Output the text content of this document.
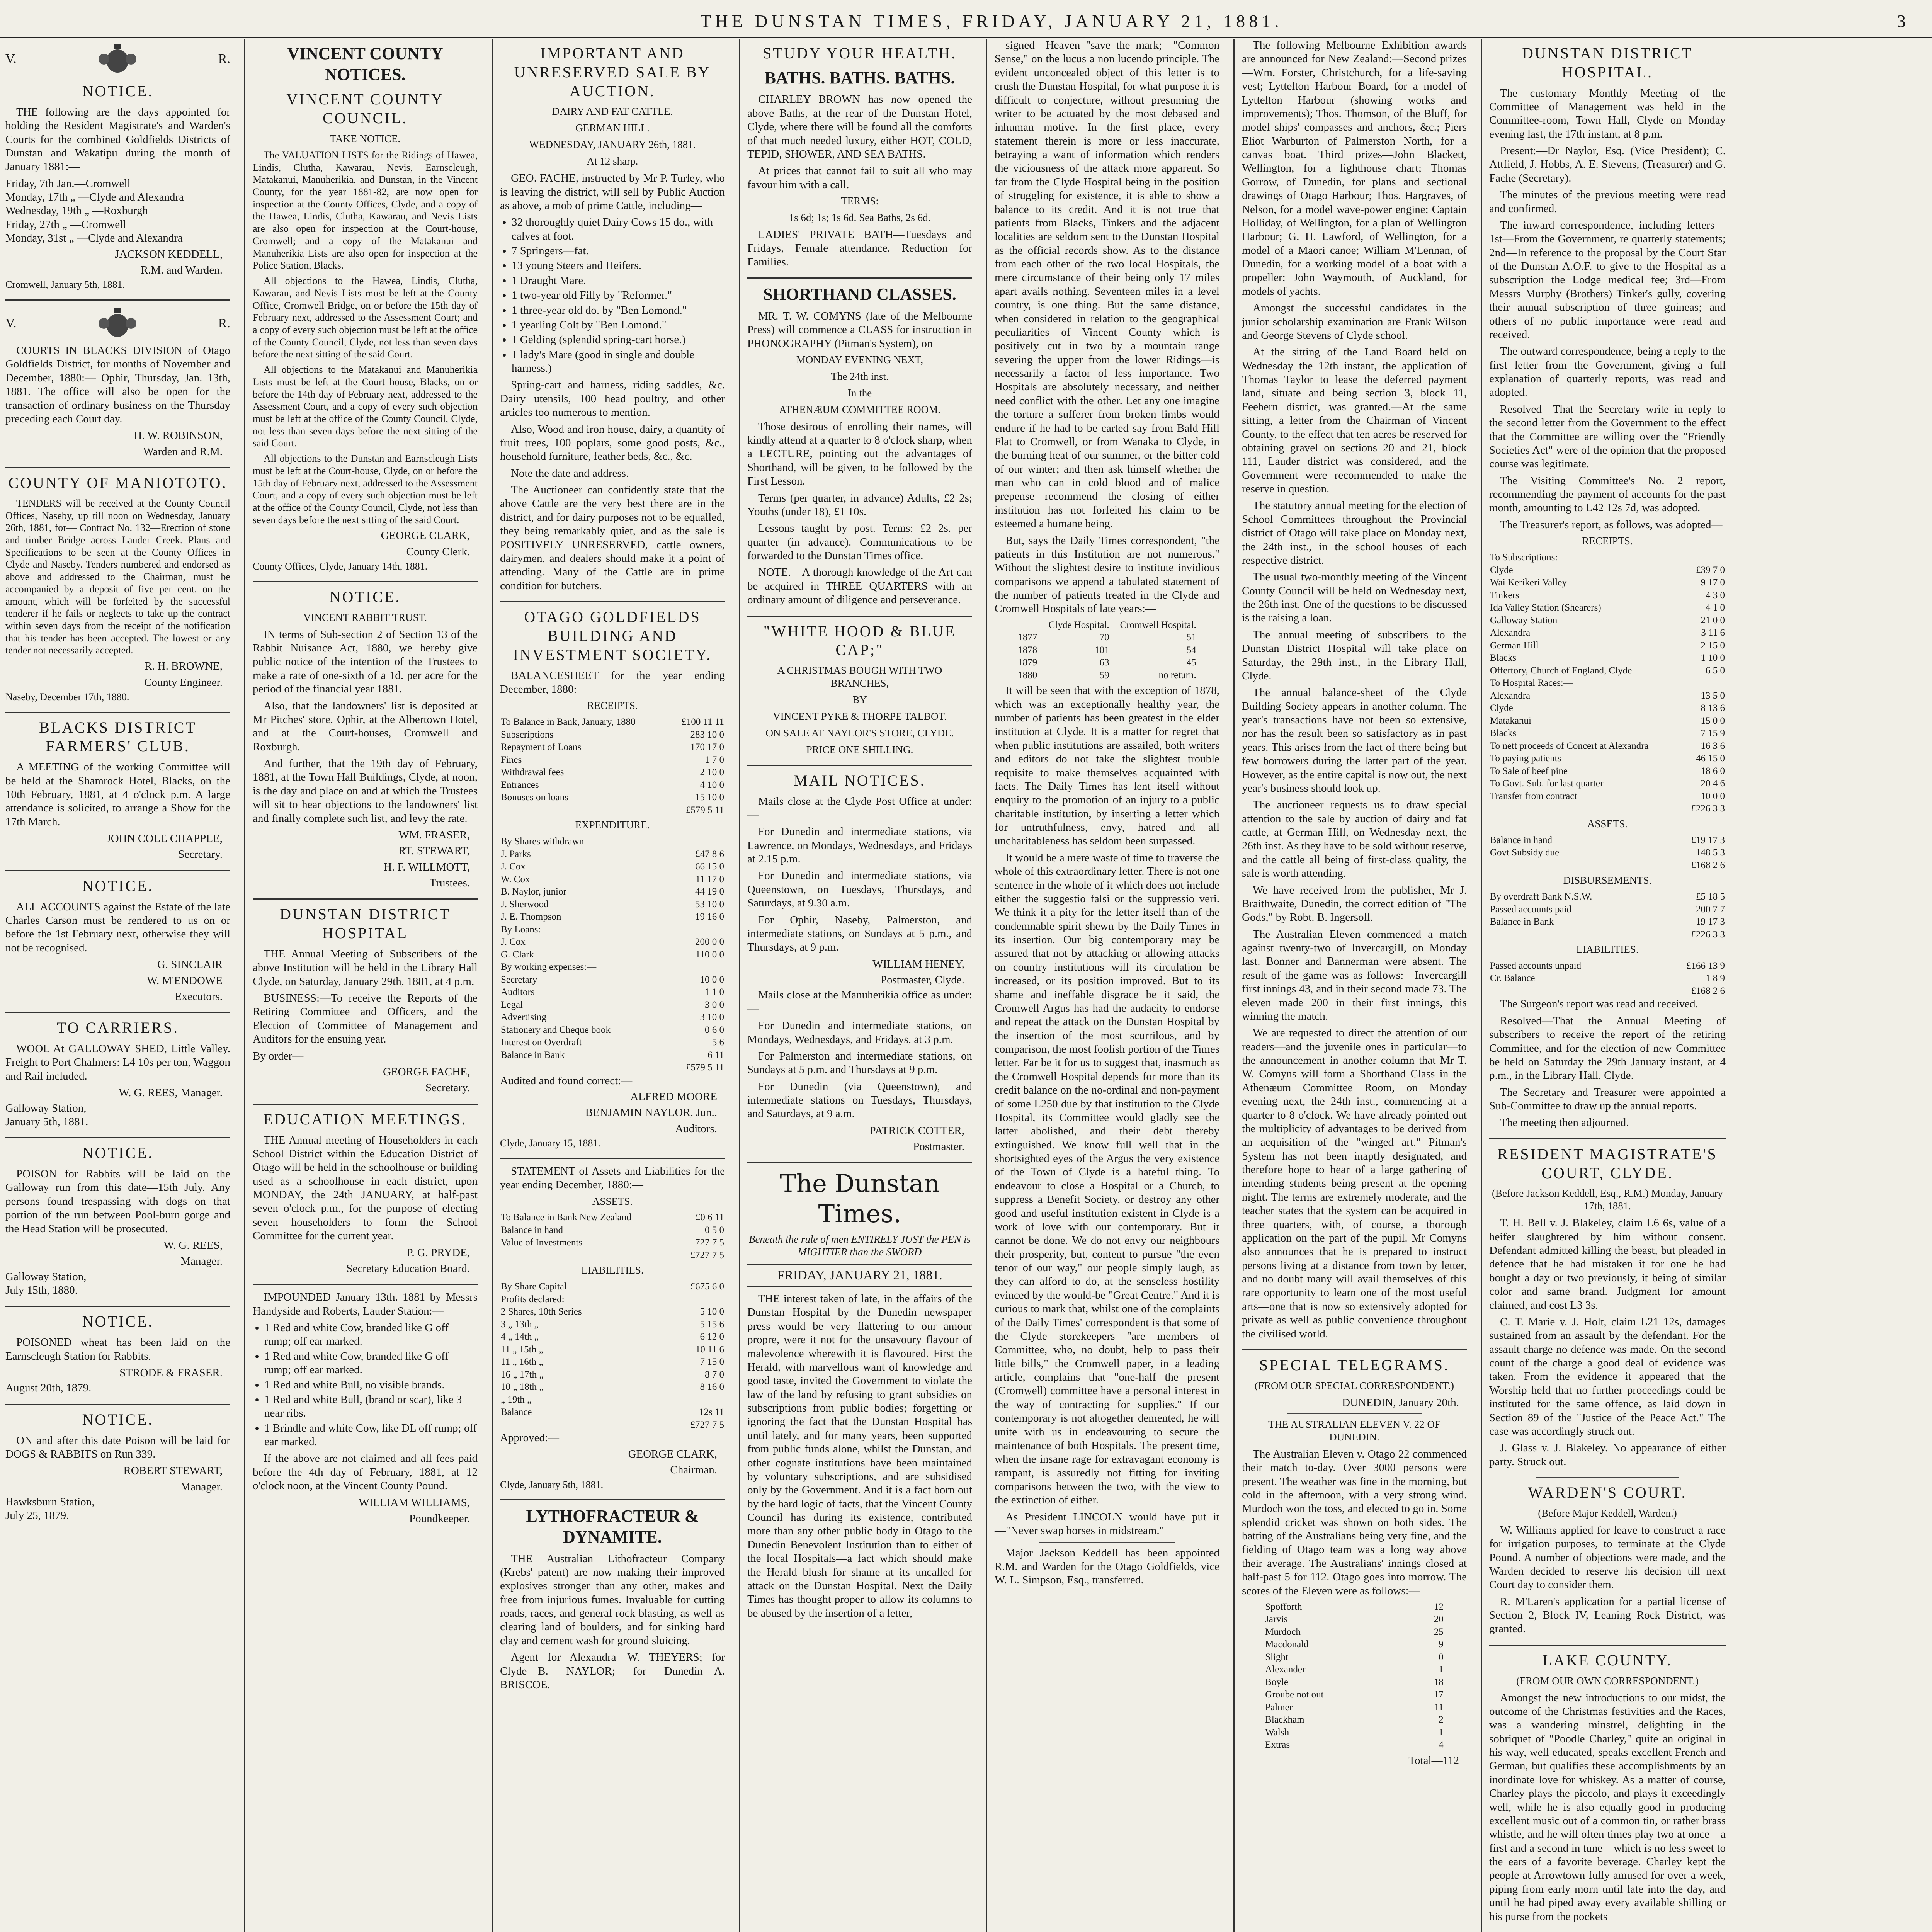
THE DUNSTAN TIMES, FRIDAY, JANUARY 21, 1881.	3
V.	R.
NOTICE.
THE following are the days appointed for holding the Resident Magistrate's and Warden's Courts for the combined Goldfields Districts of Dunstan and Wakatipu during the month of January 1881:—
Friday, 7th Jan.—Cromwell
Monday, 17th „ —Clyde and Alexandra
Wednesday, 19th „ —Roxburgh
Friday, 27th „ —Cromwell
Monday, 31st „ —Clyde and Alexandra
JACKSON KEDDELL,
R.M. and Warden.
Cromwell, January 5th, 1881.
V.	R.
COURTS IN BLACKS DIVISION of Otago Goldfields District, for months of November and December, 1880:— Ophir, Thursday, Jan. 13th, 1881. The office will also be open for the transaction of ordinary business on the Thursday preceding each Court day.
H. W. ROBINSON,
Warden and R.M.
COUNTY OF MANIOTOTO.
TENDERS will be received at the County Council Offices, Naseby, up till noon on Wednesday, January 26th, 1881, for— Contract No. 132—Erection of stone and timber Bridge across Lauder Creek. Plans and Specifications to be seen at the County Offices in Clyde and Naseby. Tenders numbered and endorsed as above and addressed to the Chairman, must be accompanied by a deposit of five per cent. on the amount, which will be forfeited by the successful tenderer if he fails or neglects to take up the contract within seven days from the receipt of the notification that his tender has been accepted. The lowest or any tender not necessarily accepted.
R. H. BROWNE,
County Engineer.
Naseby, December 17th, 1880.
BLACKS DISTRICT FARMERS' CLUB.
A MEETING of the working Committee will be held at the Shamrock Hotel, Blacks, on the 10th February, 1881, at 4 o'clock p.m. A large attendance is solicited, to arrange a Show for the 17th March.
JOHN COLE CHAPPLE,
Secretary.
NOTICE.
ALL ACCOUNTS against the Estate of the late Charles Carson must be rendered to us on or before the 1st February next, otherwise they will not be recognised.
G. SINCLAIR
W. M'ENDOWE
Executors.
TO CARRIERS.
WOOL At GALLOWAY SHED, Little Valley. Freight to Port Chalmers: L4 10s per ton, Waggon and Rail included.
W. G. REES, Manager.
Galloway Station,
January 5th, 1881.
NOTICE.
POISON for Rabbits will be laid on the Galloway run from this date—15th July. Any persons found trespassing with dogs on that portion of the run between Pool-burn gorge and the Head Station will be prosecuted.
W. G. REES,
Manager.
Galloway Station,
July 15th, 1880.
NOTICE.
POISONED wheat has been laid on the Earnscleugh Station for Rabbits.
STRODE & FRASER.
August 20th, 1879.
NOTICE.
ON and after this date Poison will be laid for DOGS & RABBITS on Run 339.
ROBERT STEWART,
Manager.
Hawksburn Station,
July 25, 1879.
VINCENT COUNTY NOTICES.
VINCENT COUNTY COUNCIL.
TAKE NOTICE.
The VALUATION LISTS for the Ridings of Hawea, Lindis, Clutha, Kawarau, Nevis, Earnscleugh, Matakanui, Manuherikia, and Dunstan, in the Vincent County, for the year 1881-82, are now open for inspection at the County Offices, Clyde, and a copy of the Hawea, Lindis, Clutha, Kawarau, and Nevis Lists are also open for inspection at the Court-house, Cromwell; and a copy of the Matakanui and Manuherikia Lists are also open for inspection at the Police Station, Blacks.
All objections to the Hawea, Lindis, Clutha, Kawarau, and Nevis Lists must be left at the County Office, Cromwell Bridge, on or before the 15th day of February next, addressed to the Assessment Court; and a copy of every such objection must be left at the office of the County Council, Clyde, not less than seven days before the next sitting of the said Court.
All objections to the Matakanui and Manuherikia Lists must be left at the Court house, Blacks, on or before the 14th day of February next, addressed to the Assessment Court, and a copy of every such objection must be left at the office of the County Council, Clyde, not less than seven days before the next sitting of the said Court.
All objections to the Dunstan and Earnscleugh Lists must be left at the Court-house, Clyde, on or before the 15th day of February next, addressed to the Assessment Court, and a copy of every such objection must be left at the office of the County Council, Clyde, not less than seven days before the next sitting of the said Court.
GEORGE CLARK,
County Clerk.
County Offices, Clyde, January 14th, 1881.
NOTICE.
VINCENT RABBIT TRUST.
IN terms of Sub-section 2 of Section 13 of the Rabbit Nuisance Act, 1880, we hereby give public notice of the intention of the Trustees to make a rate of one-sixth of a 1d. per acre for the period of the financial year 1881.
Also, that the landowners' list is deposited at Mr Pitches' store, Ophir, at the Albertown Hotel, and at the Court-houses, Cromwell and Roxburgh.
And further, that the 19th day of February, 1881, at the Town Hall Buildings, Clyde, at noon, is the day and place on and at which the Trustees will sit to hear objections to the landowners' list and finally complete such list, and levy the rate.
WM. FRASER,
RT. STEWART,
H. F. WILLMOTT,
Trustees.
DUNSTAN DISTRICT HOSPITAL
THE Annual Meeting of Subscribers of the above Institution will be held in the Library Hall Clyde, on Saturday, January 29th, 1881, at 4 p.m.
BUSINESS:—To receive the Reports of the Retiring Committee and Officers, and the Election of Committee of Management and Auditors for the ensuing year.
By order—
GEORGE FACHE,
Secretary.
EDUCATION MEETINGS.
THE Annual meeting of Householders in each School District within the Education District of Otago will be held in the schoolhouse or building used as a schoolhouse in each district, upon MONDAY, the 24th JANUARY, at half-past seven o'clock p.m., for the purpose of electing seven householders to form the School Committee for the current year.
P. G. PRYDE,
Secretary Education Board.
IMPOUNDED January 13th. 1881 by Messrs Handyside and Roberts, Lauder Station:—
• 1 Red and white Cow, branded like G off rump; off ear marked.
• 1 Red and white Cow, branded like G off rump; off ear marked.
• 1 Red and white Bull, no visible brands.
• 1 Red and white Bull, (brand or scar), like 3 near ribs.
• 1 Brindle and white Cow, like DL off rump; off ear marked.
If the above are not claimed and all fees paid before the 4th day of February, 1881, at 12 o'clock noon, at the Vincent County Pound.
WILLIAM WILLIAMS,
Poundkeeper.
IMPORTANT AND UNRESERVED SALE BY AUCTION.
DAIRY AND FAT CATTLE.
GERMAN HILL.
WEDNESDAY, JANUARY 26th, 1881.
At 12 sharp.
GEO. FACHE, instructed by Mr P. Turley, who is leaving the district, will sell by Public Auction as above, a mob of prime Cattle, including—
• 32 thoroughly quiet Dairy Cows 15 do., with calves at foot.
• 7 Springers—fat.
• 13 young Steers and Heifers.
• 1 Draught Mare.
• 1 two-year old Filly by "Reformer."
• 1 three-year old do. by "Ben Lomond."
• 1 yearling Colt by "Ben Lomond."
• 1 Gelding (splendid spring-cart horse.)
• 1 lady's Mare (good in single and double harness.)
Spring-cart and harness, riding saddles, &c. Dairy utensils, 100 head poultry, and other articles too numerous to mention.
Also, Wood and iron house, dairy, a quantity of fruit trees, 100 poplars, some good posts, &c., household furniture, feather beds, &c., &c.
Note the date and address.
The Auctioneer can confidently state that the above Cattle are the very best there are in the district, and for dairy purposes not to be equalled, they being remarkably quiet, and as the sale is POSITIVELY UNRESERVED, cattle owners, dairymen, and dealers should make it a point of attending. Many of the Cattle are in prime condition for butchers.
OTAGO GOLDFIELDS BUILDING AND INVESTMENT SOCIETY.
BALANCESHEET for the year ending December, 1880:—
RECEIPTS.
To Balance in Bank, January, 1880	£100 11 11
Subscriptions	283 10 0
Repayment of Loans	170 17 0
Fines	1 7 0
Withdrawal fees	2 10 0
Entrances	4 10 0
Bonuses on loans	15 10 0
	£579 5 11
EXPENDITURE.
By Shares withdrawn	
J. Parks	£47 8 6
J. Cox	66 15 0
W. Cox	11 17 0
B. Naylor, junior	44 19 0
J. Sherwood	53 10 0
J. E. Thompson	19 16 0
By Loans:—	
J. Cox	200 0 0
G. Clark	110 0 0
By working expenses:—	
Secretary	10 0 0
Auditors	1 1 0
Legal	3 0 0
Advertising	3 10 0
Stationery and Cheque book	0 6 0
Interest on Overdraft	5 6
Balance in Bank	6 11
	£579 5 11
Audited and found correct:—
ALFRED MOORE
BENJAMIN NAYLOR, Jun.,
Auditors.
Clyde, January 15, 1881.
STATEMENT of Assets and Liabilities for the year ending December, 1880:—
ASSETS.
To Balance in Bank New Zealand	£0 6 11
Balance in hand	0 5 0
Value of Investments	727 7 5
	£727 7 5
LIABILITIES.
By Share Capital	£675 6 0
Profits declared:	
2 Shares, 10th Series	5 10 0
3 „ 13th „	5 15 6
4 „ 14th „	6 12 0
11 „ 15th „	10 11 6
11 „ 16th „	7 15 0
16 „ 17th „	8 7 0
10 „ 18th „	8 16 0
„ 19th „	
Balance	12s 11
	£727 7 5
Approved:—
GEORGE CLARK,
Chairman.
Clyde, January 5th, 1881.
LYTHOFRACTEUR & DYNAMITE.
THE Australian Lithofracteur Company (Krebs' patent) are now making their improved explosives stronger than any other, makes and free from injurious fumes. Invaluable for cutting roads, races, and general rock blasting, as well as clearing land of boulders, and for sinking hard clay and cement wash for ground sluicing.
Agent for Alexandra—W. THEYERS; for Clyde—B. NAYLOR; for Dunedin—A. BRISCOE.
STUDY YOUR HEALTH.
BATHS. BATHS. BATHS.
CHARLEY BROWN has now opened the above Baths, at the rear of the Dunstan Hotel, Clyde, where there will be found all the comforts of that much needed luxury, either HOT, COLD, TEPID, SHOWER, AND SEA BATHS.
At prices that cannot fail to suit all who may favour him with a call.
TERMS:
1s 6d; 1s; 1s 6d. Sea Baths, 2s 6d.
LADIES' PRIVATE BATH—Tuesdays and Fridays, Female attendance. Reduction for Families.
SHORTHAND CLASSES.
MR. T. W. COMYNS (late of the Melbourne Press) will commence a CLASS for instruction in PHONOGRAPHY (Pitman's System), on
MONDAY EVENING NEXT,
The 24th inst.
In the
ATHENÆUM COMMITTEE ROOM.
Those desirous of enrolling their names, will kindly attend at a quarter to 8 o'clock sharp, when a LECTURE, pointing out the advantages of Shorthand, will be given, to be followed by the First Lesson.
Terms (per quarter, in advance) Adults, £2 2s; Youths (under 18), £1 10s.
Lessons taught by post. Terms: £2 2s. per quarter (in advance). Communications to be forwarded to the Dunstan Times office.
NOTE.—A thorough knowledge of the Art can be acquired in THREE QUARTERS with an ordinary amount of diligence and perseverance.
"WHITE HOOD & BLUE CAP;"
A CHRISTMAS BOUGH WITH TWO BRANCHES,
BY
VINCENT PYKE & THORPE TALBOT.
ON SALE AT NAYLOR'S STORE, CLYDE.
PRICE ONE SHILLING.
MAIL NOTICES.
Mails close at the Clyde Post Office at under:—
For Dunedin and intermediate stations, via Lawrence, on Mondays, Wednesdays, and Fridays at 2.15 p.m.
For Dunedin and intermediate stations, via Queenstown, on Tuesdays, Thursdays, and Saturdays, at 9.30 a.m.
For Ophir, Naseby, Palmerston, and intermediate stations, on Sundays at 5 p.m., and Thursdays, at 9 p.m.
WILLIAM HENEY,
Postmaster, Clyde.
Mails close at the Manuherikia office as under:—
For Dunedin and intermediate stations, on Mondays, Wednesdays, and Fridays, at 3 p.m.
For Palmerston and intermediate stations, on Sundays at 5 p.m. and Thursdays at 9 p.m.
For Dunedin (via Queenstown), and intermediate stations on Tuesdays, Thursdays, and Saturdays, at 9 a.m.
PATRICK COTTER,
Postmaster.
The Dunstan Times.
Beneath the rule of men ENTIRELY JUST the PEN is MIGHTIER than the SWORD
FRIDAY, JANUARY 21, 1881.
THE interest taken of late, in the affairs of the Dunstan Hospital by the Dunedin newspaper press would be very flattering to our amour propre, were it not for the unsavoury flavour of malevolence wherewith it is flavoured. First the Herald, with marvellous want of knowledge and good taste, invited the Government to violate the law of the land by refusing to grant subsidies on subscriptions from public bodies; forgetting or ignoring the fact that the Dunstan Hospital has until lately, and for many years, been supported from public funds alone, whilst the Dunstan, and other cognate institutions have been maintained by voluntary subscriptions, and are subsidised only by the Government. And it is a fact born out by the hard logic of facts, that the Vincent County Council has during its existence, contributed more than any other public body in Otago to the Dunedin Benevolent Institution than to either of the local Hospitals—a fact which should make the Herald blush for shame at its uncalled for attack on the Dunstan Hospital. Next the Daily Times has thought proper to allow its columns to be abused by the insertion of a letter,
signed—Heaven "save the mark;—"Common Sense," on the lucus a non lucendo principle. The evident unconcealed object of this letter is to crush the Dunstan Hospital, for what purpose it is difficult to conjecture, without presuming the writer to be actuated by the most debased and inhuman motive. In the first place, every statement therein is more or less inaccurate, betraying a want of information which renders the viciousness of the attack more apparent. So far from the Clyde Hospital being in the position of struggling for existence, it is able to show a balance to its credit. And it is not true that patients from Blacks, Tinkers and the adjacent localities are seldom sent to the Dunstan Hospital as the official records show. As to the distance from each other of the two local Hospitals, the mere circumstance of their being only 17 miles apart avails nothing. Seventeen miles in a level country, is one thing. But the same distance, when considered in relation to the geographical peculiarities of Vincent County—which is positively cut in two by a mountain range severing the upper from the lower Ridings—is necessarily a factor of less importance. Two Hospitals are absolutely necessary, and neither need conflict with the other. Let any one imagine the torture a sufferer from broken limbs would endure if he had to be carted say from Bald Hill Flat to Cromwell, or from Wanaka to Clyde, in the burning heat of our summer, or the bitter cold of our winter; and then ask himself whether the man who can in cold blood and of malice prepense recommend the closing of either institution has not forfeited his claim to be esteemed a humane being.
But, says the Daily Times correspondent, "the patients in this Institution are not numerous." Without the slightest desire to institute invidious comparisons we append a tabulated statement of the number of patients treated in the Clyde and Cromwell Hospitals of late years:—
	Clyde Hospital.	Cromwell Hospital.
1877	70	51
1878	101	54
1879	63	45
1880	59	no return.
It will be seen that with the exception of 1878, which was an exceptionally healthy year, the number of patients has been greatest in the elder institution at Clyde. It is a matter for regret that when public institutions are assailed, both writers and editors do not take the slightest trouble requisite to make themselves acquainted with facts. The Daily Times has lent itself without enquiry to the promotion of an injury to a public charitable institution, by inserting a letter which for untruthfulness, envy, hatred and all uncharitableness has seldom been surpassed.
It would be a mere waste of time to traverse the whole of this extraordinary letter. There is not one sentence in the whole of it which does not include either the suggestio falsi or the suppressio veri. We think it a pity for the letter itself than of the condemnable spirit shewn by the Daily Times in its insertion. Our big contemporary may be assured that not by attacking or allowing attacks on country institutions will its circulation be increased, or its position improved. But to its shame and ineffable disgrace be it said, the Cromwell Argus has had the audacity to endorse and repeat the attack on the Dunstan Hospital by the insertion of the most scurrilous, and by comparison, the most foolish portion of the Times letter. Far be it for us to suggest that, inasmuch as the Cromwell Hospital depends for more than its credit balance on the no-ordinal and non-payment of some L250 due by that institution to the Clyde Hospital, its Committee would gladly see the latter abolished, and their debt thereby extinguished. We know full well that in the shortsighted eyes of the Argus the very existence of the Town of Clyde is a hateful thing. To endeavour to close a Hospital or a Church, to suppress a Benefit Society, or destroy any other good and useful institution existent in Clyde is a work of love with our contemporary. But it cannot be done. We do not envy our neighbours their prosperity, but, content to pursue "the even tenor of our way," our people simply laugh, as they can afford to do, at the senseless hostility evinced by the would-be "Great Centre." And it is curious to mark that, whilst one of the complaints of the Daily Times' correspondent is that some of the Clyde storekeepers "are members of Committee, who, no doubt, help to pass their little bills," the Cromwell paper, in a leading article, complains that "one-half the present (Cromwell) committee have a personal interest in the way of contracting for supplies." If our contemporary is not altogether demented, he will unite with us in endeavouring to secure the maintenance of both Hospitals. The present time, when the insane rage for extravagant economy is rampant, is assuredly not fitting for inviting comparisons between the two, with the view to the extinction of either.
As President LINCOLN would have put it—"Never swap horses in midstream."
Major Jackson Keddell has been appointed R.M. and Warden for the Otago Goldfields, vice W. L. Simpson, Esq., transferred.
The following Melbourne Exhibition awards are announced for New Zealand:—Second prizes—Wm. Forster, Christchurch, for a life-saving vest; Lyttelton Harbour Board, for a model of Lyttelton Harbour (showing works and improvements); Thos. Thomson, of the Bluff, for model ships' compasses and anchors, &c.; Piers Eliot Warburton of Palmerston North, for a canvas boat. Third prizes—John Blackett, Wellington, for a lighthouse chart; Thomas Gorrow, of Dunedin, for plans and sectional drawings of Otago Harbour; Thos. Hargraves, of Nelson, for a model wave-power engine; Captain Holliday, of Wellington, for a plan of Wellington Harbour; G. H. Lawford, of Wellington, for a model of a Maori canoe; William M'Lennan, of Dunedin, for a working model of a boat with a propeller; John Waymouth, of Auckland, for models of yachts.
Amongst the successful candidates in the junior scholarship examination are Frank Wilson and George Stevens of Clyde school.
At the sitting of the Land Board held on Wednesday the 12th instant, the application of Thomas Taylor to lease the deferred payment land, situate and being section 3, block 11, Feehern district, was granted.—At the same sitting, a letter from the Chairman of Vincent County, to the effect that ten acres be reserved for obtaining gravel on sections 20 and 21, block 111, Lauder district was considered, and the Government were recommended to make the reserve in question.
The statutory annual meeting for the election of School Committees throughout the Provincial district of Otago will take place on Monday next, the 24th inst., in the school houses of each respective district.
The usual two-monthly meeting of the Vincent County Council will be held on Wednesday next, the 26th inst. One of the questions to be discussed is the raising a loan.
The annual meeting of subscribers to the Dunstan District Hospital will take place on Saturday, the 29th inst., in the Library Hall, Clyde.
The annual balance-sheet of the Clyde Building Society appears in another column. The year's transactions have not been so extensive, nor has the result been so satisfactory as in past years. This arises from the fact of there being but few borrowers during the latter part of the year. However, as the entire capital is now out, the next year's business should look up.
The auctioneer requests us to draw special attention to the sale by auction of dairy and fat cattle, at German Hill, on Wednesday next, the 26th inst. As they have to be sold without reserve, and the cattle all being of first-class quality, the sale is worth attending.
We have received from the publisher, Mr J. Braithwaite, Dunedin, the correct edition of "The Gods," by Robt. B. Ingersoll.
The Australian Eleven commenced a match against twenty-two of Invercargill, on Monday last. Bonner and Bannerman were absent. The result of the game was as follows:—Invercargill first innings 43, and in their second made 73. The eleven made 200 in their first innings, this winning the match.
We are requested to direct the attention of our readers—and the juvenile ones in particular—to the announcement in another column that Mr T. W. Comyns will form a Shorthand Class in the Athenæum Committee Room, on Monday evening next, the 24th inst., commencing at a quarter to 8 o'clock. We have already pointed out the multiplicity of advantages to be derived from an acquisition of the "winged art." Pitman's System has not been inaptly designated, and therefore hope to hear of a large gathering of intending students being present at the opening night. The terms are extremely moderate, and the teacher states that the system can be acquired in three quarters, with, of course, a thorough application on the part of the pupil. Mr Comyns also announces that he is prepared to instruct persons living at a distance from town by letter, and no doubt many will avail themselves of this rare opportunity to learn one of the most useful arts—one that is now so extensively adopted for private as well as public convenience throughout the civilised world.
SPECIAL TELEGRAMS.
(FROM OUR SPECIAL CORRESPONDENT.)
DUNEDIN, January 20th.
THE AUSTRALIAN ELEVEN V. 22 OF DUNEDIN.
The Australian Eleven v. Otago 22 commenced their match to-day. Over 3000 persons were present. The weather was fine in the morning, but cold in the afternoon, with a very strong wind. Murdoch won the toss, and elected to go in. Some splendid cricket was shown on both sides. The batting of the Australians being very fine, and the fielding of Otago team was a long way above their average. The Australians' innings closed at half-past 5 for 112. Otago goes into morrow. The scores of the Eleven were as follows:—
Spofforth	12
Jarvis	20
Murdoch	25
Macdonald	9
Slight	0
Alexander	1
Boyle	18
Groube not out	17
Palmer	11
Blackham	2
Walsh	1
Extras	4
Total—112
DUNSTAN DISTRICT HOSPITAL.
The customary Monthly Meeting of the Committee of Management was held in the Committee-room, Town Hall, Clyde on Monday evening last, the 17th instant, at 8 p.m.
Present:—Dr Naylor, Esq. (Vice President); C. Attfield, J. Hobbs, A. E. Stevens, (Treasurer) and G. Fache (Secretary).
The minutes of the previous meeting were read and confirmed.
The inward correspondence, including letters—1st—From the Government, re quarterly statements; 2nd—In reference to the proposal by the Court Star of the Dunstan A.O.F. to give to the Hospital as a subscription the Lodge medical fee; 3rd—From Messrs Murphy (Brothers) Tinker's gully, covering their annual subscription of three guineas; and others of no public importance were read and received.
The outward correspondence, being a reply to the first letter from the Government, giving a full explanation of quarterly reports, was read and adopted.
Resolved—That the Secretary write in reply to the second letter from the Government to the effect that the Committee are willing over the "Friendly Societies Act" were of the opinion that the proposed course was legitimate.
The Visiting Committee's No. 2 report, recommending the payment of accounts for the past month, amounting to L42 12s 7d, was adopted.
The Treasurer's report, as follows, was adopted—
RECEIPTS.
To Subscriptions:—	
Clyde	£39 7 0
Wai Kerikeri Valley	9 17 0
Tinkers	4 3 0
Ida Valley Station (Shearers)	4 1 0
Galloway Station	21 0 0
Alexandra	3 11 6
German Hill	2 15 0
Blacks	1 10 0
Offertory, Church of England, Clyde	6 5 0
To Hospital Races:—	
Alexandra	13 5 0
Clyde	8 13 6
Matakanui	15 0 0
Blacks	7 15 9
To nett proceeds of Concert at Alexandra	16 3 6
To paying patients	46 15 0
To Sale of beef pine	18 6 0
To Govt. Sub. for last quarter	20 4 6
Transfer from contract	10 0 0
	£226 3 3
ASSETS.
Balance in hand	£19 17 3
Govt Subsidy due	148 5 3
	£168 2 6
DISBURSEMENTS.
By overdraft Bank N.S.W.	£5 18 5
Passed accounts paid	200 7 7
Balance in Bank	19 17 3
	£226 3 3
LIABILITIES.
Passed accounts unpaid	£166 13 9
Cr. Balance	1 8 9
	£168 2 6
The Surgeon's report was read and received.
Resolved—That the Annual Meeting of subscribers to receive the report of the retiring Committee, and for the election of new Committee be held on Saturday the 29th January instant, at 4 p.m., in the Library Hall, Clyde.
The Secretary and Treasurer were appointed a Sub-Committee to draw up the annual reports.
The meeting then adjourned.
RESIDENT MAGISTRATE'S COURT, CLYDE.
(Before Jackson Keddell, Esq., R.M.) Monday, January 17th, 1881.
T. H. Bell v. J. Blakeley, claim L6 6s, value of a heifer slaughtered by him without consent. Defendant admitted killing the beast, but pleaded in defence that he had mistaken it for one he had bought a day or two previously, it being of similar color and same brand. Judgment for amount claimed, and cost L3 3s.
C. T. Marie v. J. Holt, claim L21 12s, damages sustained from an assault by the defendant. For the assault charge no defence was made. On the second count of the charge a good deal of evidence was taken. From the evidence it appeared that the Worship held that no further proceedings could be instituted for the same offence, as laid down in Section 89 of the "Justice of the Peace Act." The case was accordingly struck out.
J. Glass v. J. Blakeley. No appearance of either party. Struck out.
WARDEN'S COURT.
(Before Major Keddell, Warden.)
W. Williams applied for leave to construct a race for irrigation purposes, to terminate at the Clyde Pound. A number of objections were made, and the Warden decided to reserve his decision till next Court day to consider them.
R. M'Laren's application for a partial license of Section 2, Block IV, Leaning Rock District, was granted.
LAKE COUNTY.
(FROM OUR OWN CORRESPONDENT.)
Amongst the new introductions to our midst, the outcome of the Christmas festivities and the Races, was a wandering minstrel, delighting in the sobriquet of "Poodle Charley," quite an original in his way, well educated, speaks excellent French and German, but qualifies these accomplishments by an inordinate love for whiskey. As a matter of course, Charley plays the piccolo, and plays it exceedingly well, while he is also equally good in producing excellent music out of a common tin, or rather brass whistle, and he will often times play two at once—a first and a second in tune—which is no less sweet to the ears of a favorite beverage. Charley kept the people at Arrowtown fully amused for over a week, piping from early morn until late into the day, and until he had piped away every available shilling or his purse from the pockets
